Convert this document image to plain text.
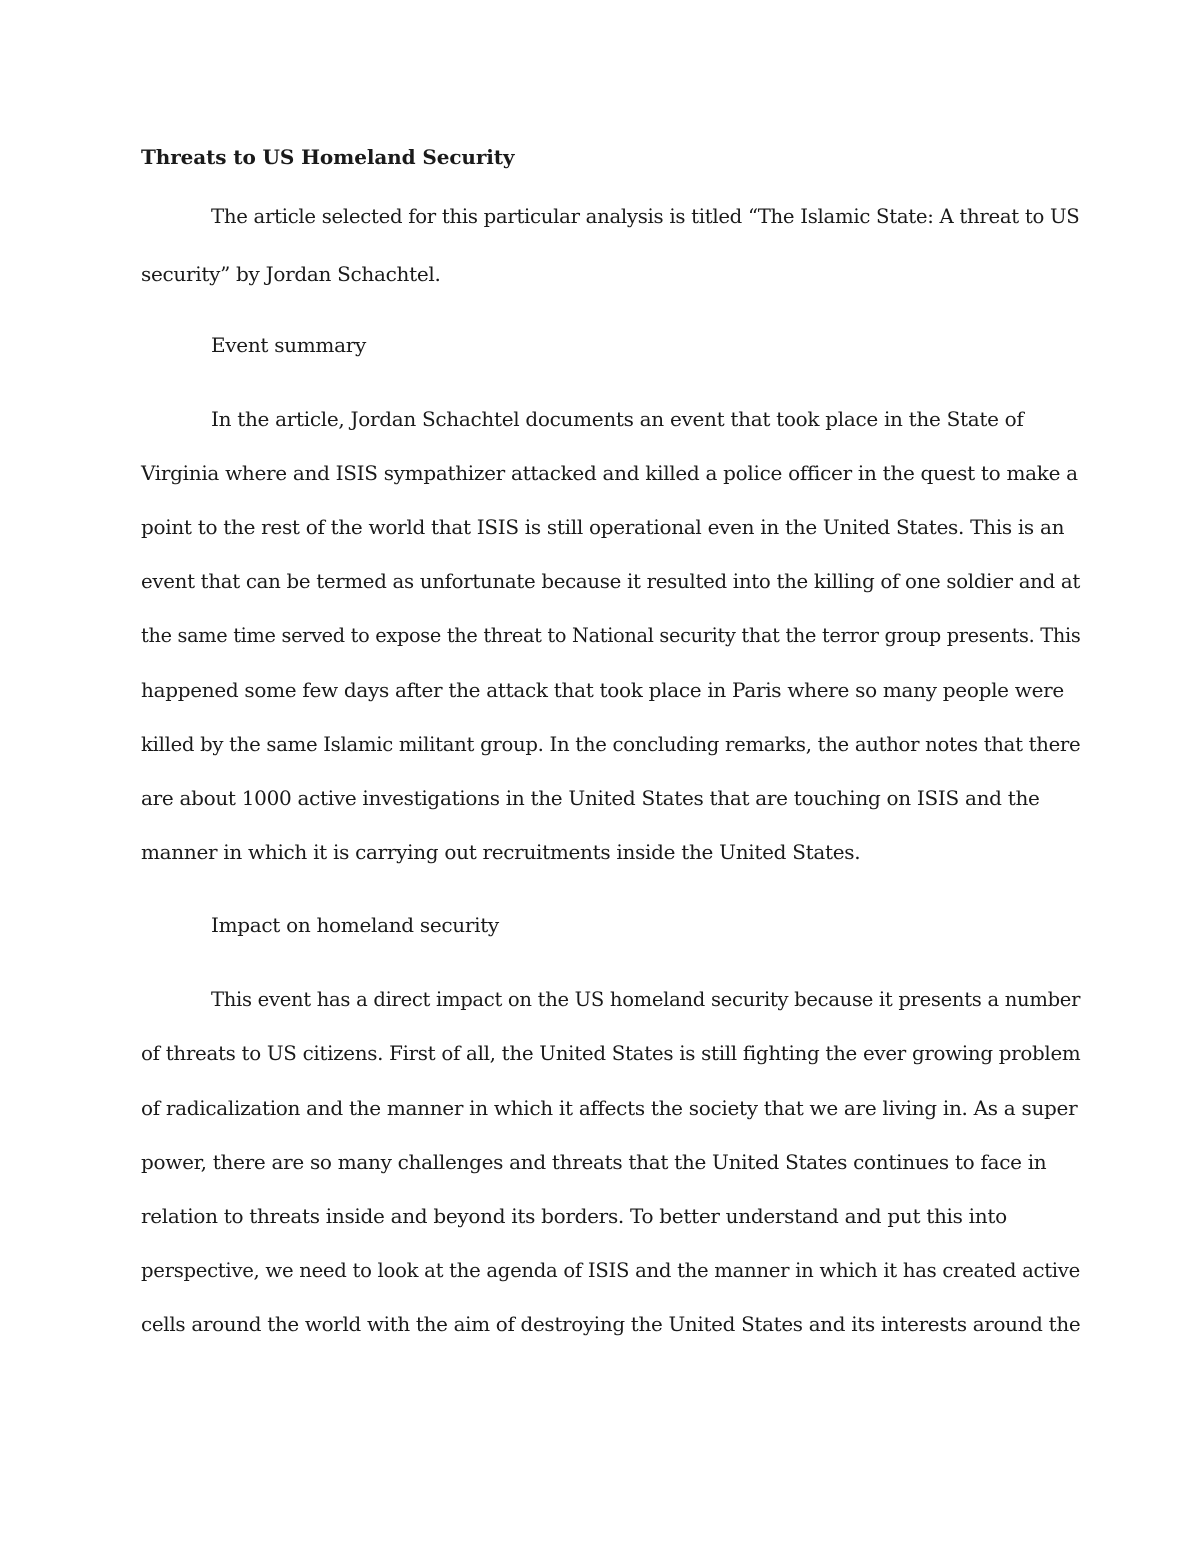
Threats to US Homeland Security
The article selected for this particular analysis is titled “The Islamic State: A threat to US
security” by Jordan Schachtel.
Event summary
In the article, Jordan Schachtel documents an event that took place in the State of
Virginia where and ISIS sympathizer attacked and killed a police officer in the quest to make a
point to the rest of the world that ISIS is still operational even in the United States. This is an
event that can be termed as unfortunate because it resulted into the killing of one soldier and at
the same time served to expose the threat to National security that the terror group presents. This
happened some few days after the attack that took place in Paris where so many people were
killed by the same Islamic militant group. In the concluding remarks, the author notes that there
are about 1000 active investigations in the United States that are touching on ISIS and the
manner in which it is carrying out recruitments inside the United States.
Impact on homeland security
This event has a direct impact on the US homeland security because it presents a number
of threats to US citizens. First of all, the United States is still fighting the ever growing problem
of radicalization and the manner in which it affects the society that we are living in. As a super
power, there are so many challenges and threats that the United States continues to face in
relation to threats inside and beyond its borders. To better understand and put this into
perspective, we need to look at the agenda of ISIS and the manner in which it has created active
cells around the world with the aim of destroying the United States and its interests around the
